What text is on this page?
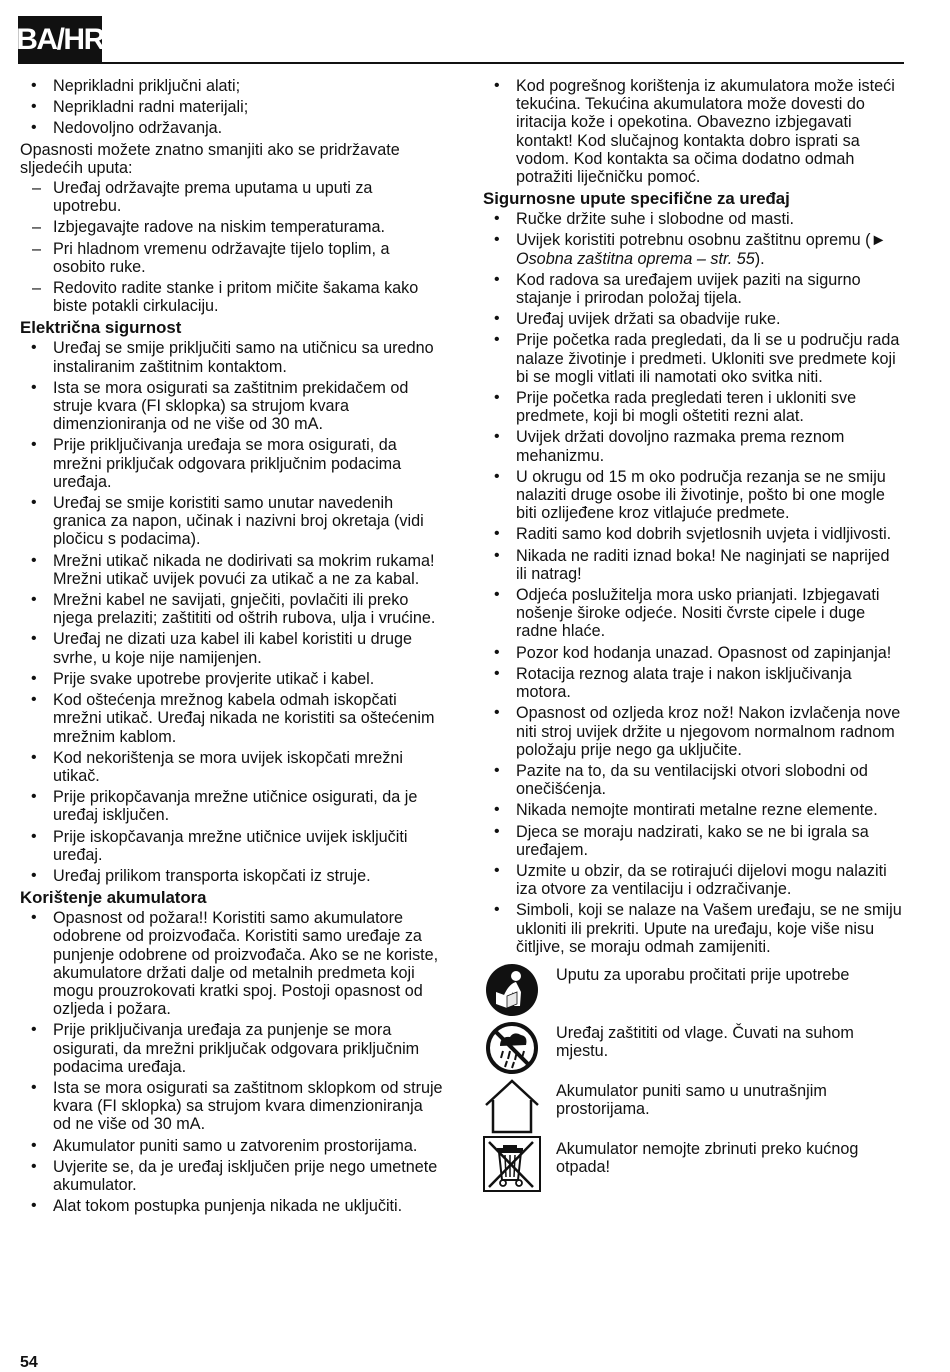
BA/HR
• Neprikladni priključni alati;
• Neprikladni radni materijali;
• Nedovoljno održavanja.

Opasnosti možete znatno smanjiti ako se pridržavate sljedećih uputa:

– Uređaj održavajte prema uputama u uputi za upotrebu.
– Izbjegavajte radove na niskim temperaturama.
– Pri hladnom vremenu održavajte tijelo toplim, a osobito ruke.
– Redovito radite stanke i pritom mičite šakama kako biste potakli cirkulaciju.
Električna sigurnost
• Uređaj se smije priključiti samo na utičnicu sa uredno instaliranim zaštitnim kontaktom.
• Ista se mora osigurati sa zaštitnim prekidačem od struje kvara (FI sklopka) sa strujom kvara dimenzioniranja od ne više od 30 mA.
• Prije priključivanja uređaja se mora osigurati, da mrežni priključak odgovara priključnim podacima uređaja.
• Uređaj se smije koristiti samo unutar navedenih granica za napon, učinak i nazivni broj okretaja (vidi pločicu s podacima).
• Mrežni utikač nikada ne dodirivati sa mokrim rukama! Mrežni utikač uvijek povući za utikač a ne za kabal.
• Mrežni kabel ne savijati, gnječiti, povlačiti ili preko njega prelaziti; zaštititi od oštrih rubova, ulja i vrućine.
• Uređaj ne dizati uza kabel ili kabel koristiti u druge svrhe, u koje nije namijenjen.
• Prije svake upotrebe provjerite utikač i kabel.
• Kod oštećenja mrežnog kabela odmah iskopčati mrežni utikač. Uređaj nikada ne koristiti sa oštećenim mrežnim kablom.
• Kod nekorištenja se mora uvijek iskopčati mrežni utikač.
• Prije prikopčavanja mrežne utičnice osigurati, da je uređaj isključen.
• Prije iskopčavanja mrežne utičnice uvijek isključiti uređaj.
• Uređaj prilikom transporta iskopčati iz struje.
Korištenje akumulatora
• Opasnost od požara!! Koristiti samo akumulatore odobrene od proizvođača. Koristiti samo uređaje za punjenje odobrene od proizvođača. Ako se ne koriste, akumulatore držati dalje od metalnih predmeta koji mogu prouzrokovati kratki spoj. Postoji opasnost od ozljeda i požara.
• Prije priključivanja uređaja za punjenje se mora osigurati, da mrežni priključak odgovara priključnim podacima uređaja.
• Ista se mora osigurati sa zaštitnom sklopkom od struje kvara (FI sklopka) sa strujom kvara dimenzioniranja od ne više od 30 mA.
• Akumulator puniti samo u zatvorenim prostorijama.
• Uvjerite se, da je uređaj isključen prije nego umetnete akumulator.
• Alat tokom postupka punjenja nikada ne uključiti.
• Kod pogrešnog korištenja iz akumulatora može isteći tekućina. Tekućina akumulatora može dovesti do iritacija kože i opekotina. Obavezno izbjegavati kontakt! Kod slučajnog kontakta dobro isprati sa vodom. Kod kontakta sa očima dodatno odmah potražiti liječničku pomoć.
Sigurnosne upute specifične za uređaj
• Ručke držite suhe i slobodne od masti.
• Uvijek koristiti potrebnu osobnu zaštitnu opremu (► Osobna zaštitna oprema – str. 55).
• Kod radova sa uređajem uvijek paziti na sigurno stajanje i prirodan položaj tijela.
• Uređaj uvijek držati sa obadvije ruke.
• Prije početka rada pregledati, da li se u području rada nalaze životinje i predmeti. Ukloniti sve predmete koji bi se mogli vitlati ili namotati oko svitka niti.
• Prije početka rada pregledati teren i ukloniti sve predmete, koji bi mogli oštetiti rezni alat.
• Uvijek držati dovoljno razmaka prema reznom mehanizmu.
• U okrugu od 15 m oko područja rezanja se ne smiju nalaziti druge osobe ili životinje, pošto bi one mogle biti ozlijeđene kroz vitlajuće predmete.
• Raditi samo kod dobrih svjetlosnih uvjeta i vidljivosti.
• Nikada ne raditi iznad boka! Ne naginjati se naprijed ili natrag!
• Odjeća poslužitelja mora usko prianjati. Izbjegavati nošenje široke odjeće. Nositi čvrste cipele i duge radne hlaće.
• Pozor kod hodanja unazad. Opasnost od zapinjanja!
• Rotacija reznog alata traje i nakon isključivanja motora.
• Opasnost od ozljeda kroz nož! Nakon izvlačenja nove niti stroj uvijek držite u njegovom normalnom radnom položaju prije nego ga uključite.
• Pazite na to, da su ventilacijski otvori slobodni od onečišćenja.
• Nikada nemojte montirati metalne rezne elemente.
• Djeca se moraju nadzirati, kako se ne bi igrala sa uređajem.
• Uzmite u obzir, da se rotirajući dijelovi mogu nalaziti iza otvore za ventilaciju i odzračivanje.
• Simboli, koji se nalaze na Vašem uređaju, se ne smiju ukloniti ili prekriti. Upute na uređaju, koje više nisu čitljive, se moraju odmah zamijeniti.
Uputu za uporabu pročitati prije upotrebe
Uređaj zaštititi od vlage. Čuvati na suhom mjestu.
Akumulator puniti samo u unutrašnjim prostorijama.
Akumulator nemojte zbrinuti preko kućnog otpada!
54
